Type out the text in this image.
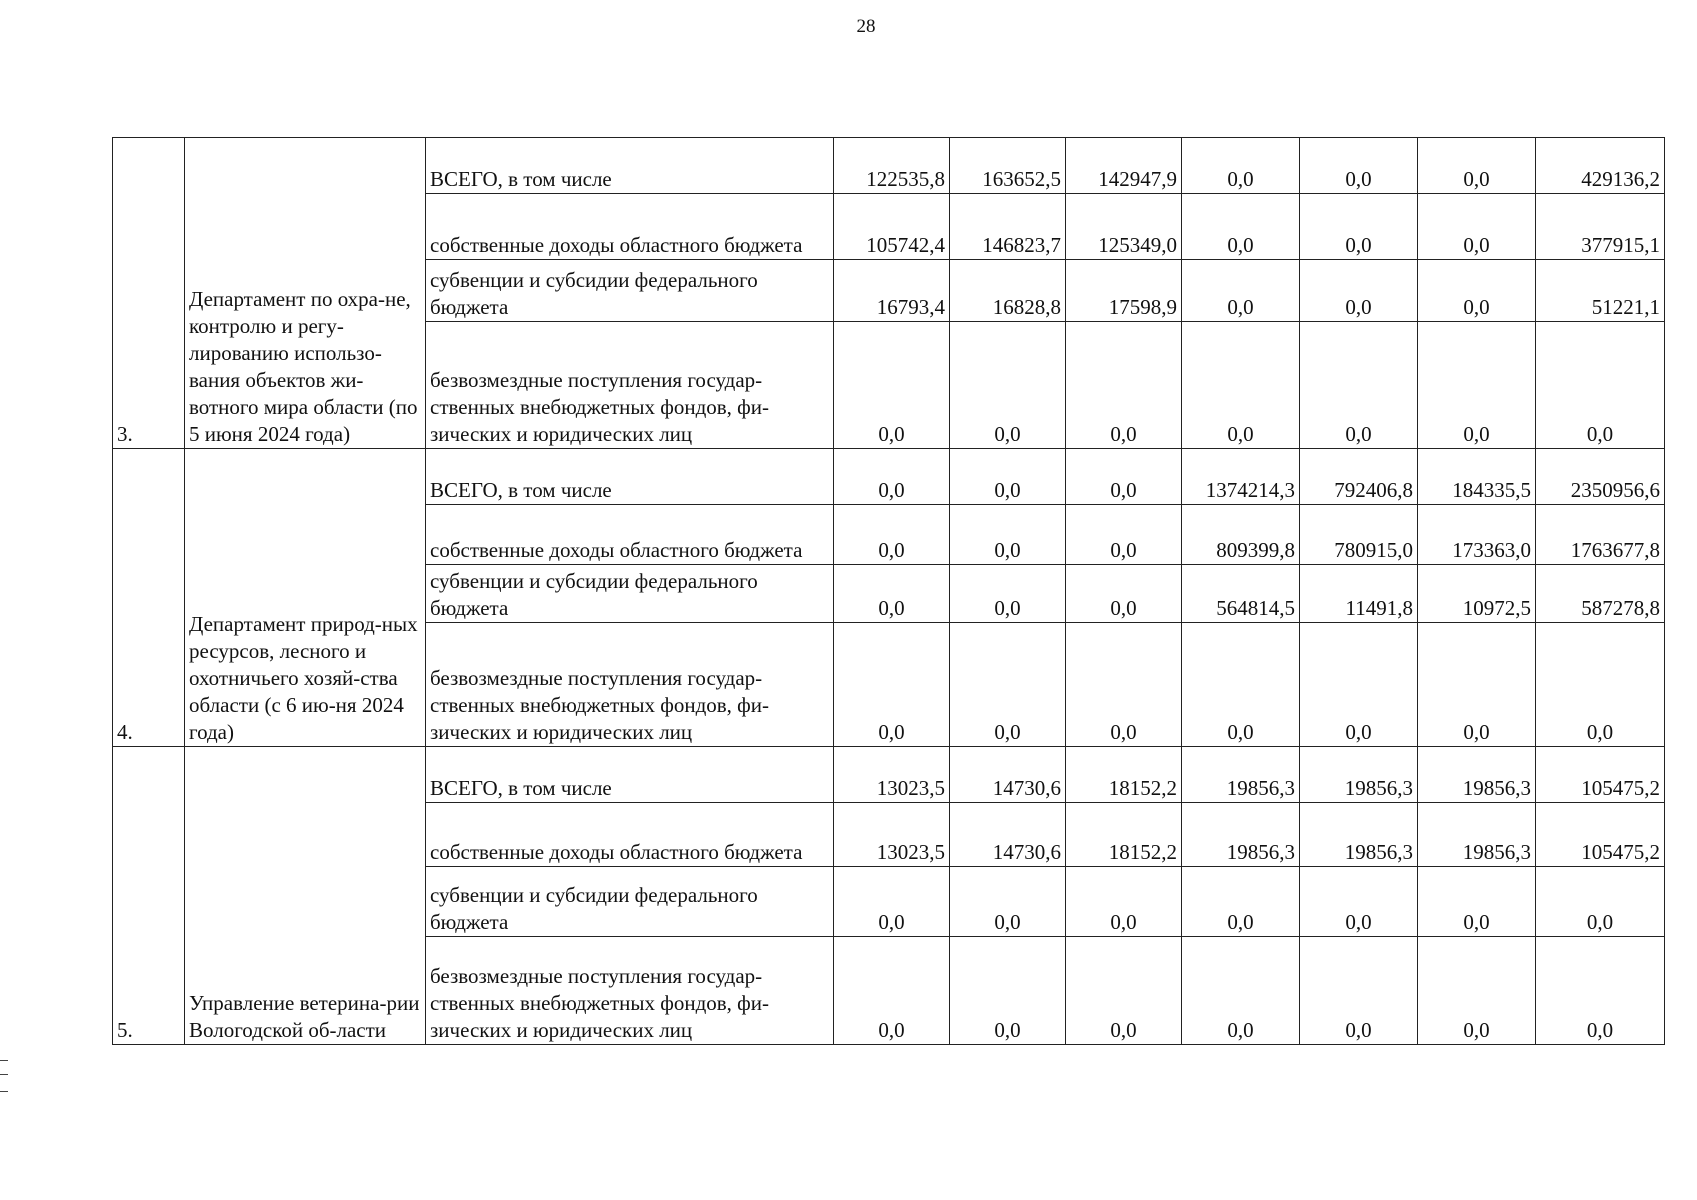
28
3.	Департамент по охра-не, контролю и регу-лированию использо-вания объектов жи-вотного мира области (по 5 июня 2024 года)	ВСЕГО, в том числе	122535,8	163652,5	142947,9	0,0	0,0	0,0	429136,2
		собственные доходы областного бюджета	105742,4	146823,7	125349,0	0,0	0,0	0,0	377915,1
		субвенции и субсидии федерального бюджета	16793,4	16828,8	17598,9	0,0	0,0	0,0	51221,1
		безвозмездные поступления государ-ственных внебюджетных фондов, фи-зических и юридических лиц	0,0	0,0	0,0	0,0	0,0	0,0	0,0
4.	Департамент природ-ных ресурсов, лесного и охотничьего хозяй-ства области (с 6 ию-ня 2024 года)	ВСЕГО, в том числе	0,0	0,0	0,0	1374214,3	792406,8	184335,5	2350956,6
		собственные доходы областного бюджета	0,0	0,0	0,0	809399,8	780915,0	173363,0	1763677,8
		субвенции и субсидии федерального бюджета	0,0	0,0	0,0	564814,5	11491,8	10972,5	587278,8
		безвозмездные поступления государ-ственных внебюджетных фондов, фи-зических и юридических лиц	0,0	0,0	0,0	0,0	0,0	0,0	0,0
5.	Управление ветерина-рии Вологодской об-ласти	ВСЕГО, в том числе	13023,5	14730,6	18152,2	19856,3	19856,3	19856,3	105475,2
		собственные доходы областного бюджета	13023,5	14730,6	18152,2	19856,3	19856,3	19856,3	105475,2
		субвенции и субсидии федерального бюджета	0,0	0,0	0,0	0,0	0,0	0,0	0,0
		безвозмездные поступления государ-ственных внебюджетных фондов, фи-зических и юридических лиц	0,0	0,0	0,0	0,0	0,0	0,0	0,0
